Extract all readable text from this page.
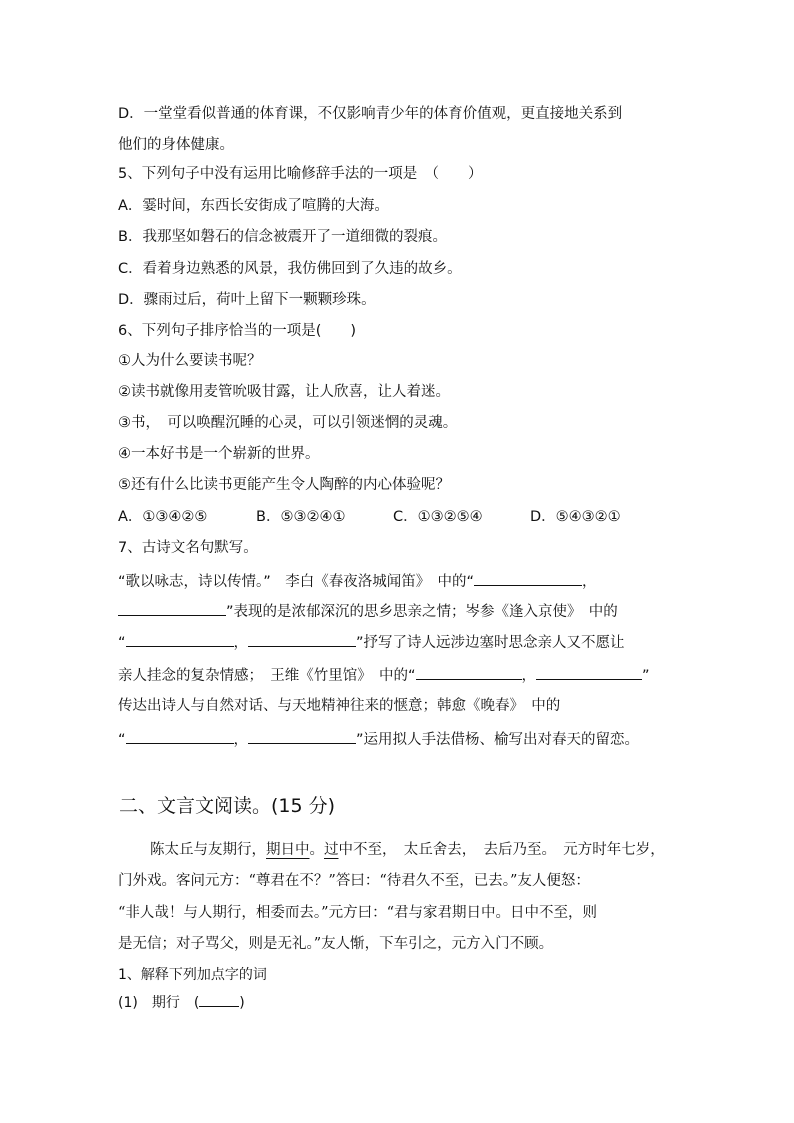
D．一堂堂看似普通的体育课，不仅影响青少年的体育价值观，更直接地关系到
他们的身体健康。
5、下列句子中没有运用比喻修辞手法的一项是　（　　）
A．霎时间，东西长安街成了喧腾的大海。
B．我那坚如磐石的信念被震开了一道细微的裂痕。
C．看着身边熟悉的风景，我仿佛回到了久违的故乡。
D．骤雨过后，荷叶上留下一颗颗珍珠。
6、下列句子排序恰当的一项是(　　)
①人为什么要读书呢？
②读书就像用麦管吮吸甘露，让人欣喜，让人着迷。
③书，　可以唤醒沉睡的心灵，可以引领迷惘的灵魂。
④一本好书是一个崭新的世界。
⑤还有什么比读书更能产生令人陶醉的内心体验呢？
A．①③④②⑤	B．⑤③②④①	C．①③②⑤④	D．⑤④③②①
7、古诗文名句默写。
“歌以咏志，诗以传情。”　李白《春夜洛城闻笛》　中的“	，
”表现的是浓郁深沉的思乡思亲之情；岑参《逢入京使》　中的
“	，	”抒写了诗人远涉边塞时思念亲人又不愿让
亲人挂念的复杂情感；　王维《竹里馆》　中的“	，	”
传达出诗人与自然对话、与天地精神往来的惬意；韩愈《晚春》　中的
“	，	”运用拟人手法借杨、榆写出对春天的留恋。
二、文言文阅读。(15 分)
陈太丘与友期行，期日中。过中不至，　太丘舍去，　去后乃至。　元方时年七岁，
门外戏。客问元方：“尊君在不？”答曰：“待君久不至，已去。”友人便怒：
“非人哉！与人期行，相委而去。”元方曰：“君与家君期日中。日中不至，则
是无信；对子骂父，则是无礼。”友人惭，下车引之，元方入门不顾。
1、解释下列加点字的词
(1)　期行　(	)
